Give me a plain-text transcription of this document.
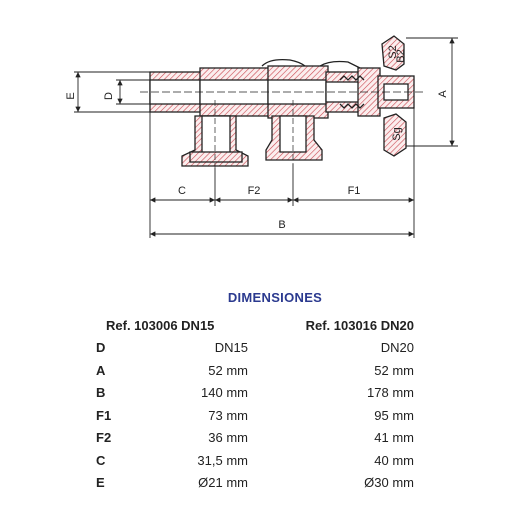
E D	A
C	F2	F1
B
B2
S2
Sg
DIMENSIONES
Ref. 103006 DN15	Ref. 103016 DN20
D	DN15	DN20
A	52 mm	52 mm
B	140 mm	178 mm
F1	73 mm	95 mm
F2	36 mm	41 mm
C	31,5 mm	40 mm
E	Ø21 mm	Ø30 mm
